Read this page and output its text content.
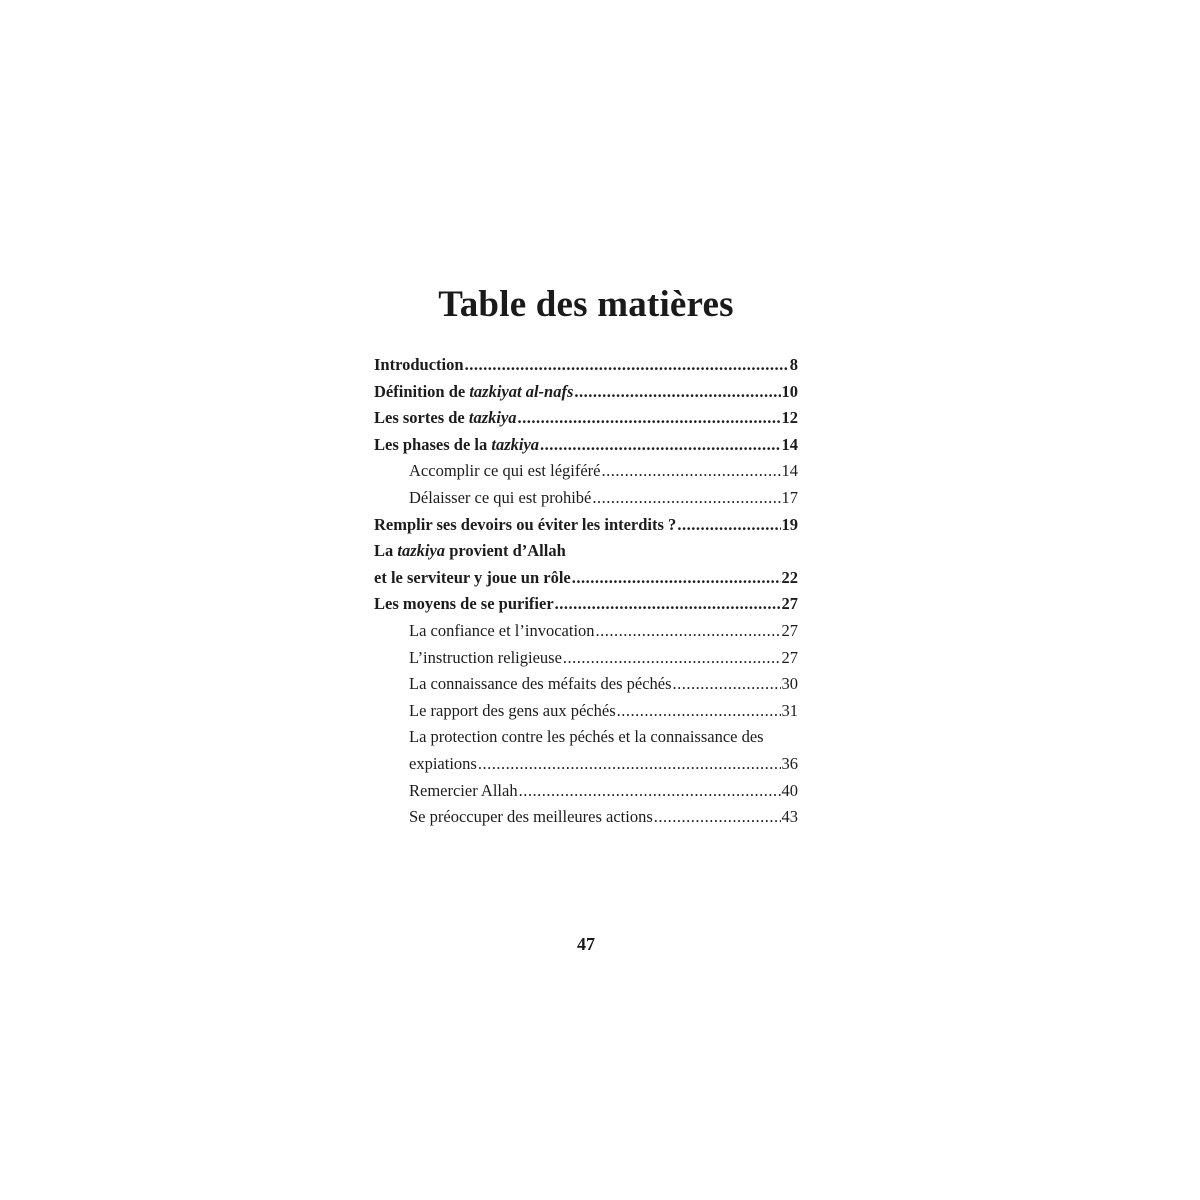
Table des matières
Introduction .....	8
Définition de tazkiyat al-nafs .....	10
Les sortes de tazkiya .....	12
Les phases de la tazkiya .....	14
Accomplir ce qui est légiféré .....	14
Délaisser ce qui est prohibé .....	17
Remplir ses devoirs ou éviter les interdits ? .....	19
La tazkiya provient d’Allah
et le serviteur y joue un rôle .....	22
Les moyens de se purifier .....	27
La confiance et l’invocation .....	27
L’instruction religieuse .....	27
La connaissance des méfaits des péchés .....	30
Le rapport des gens aux péchés .....	31
La protection contre les péchés et la connaissance des
expiations .....	36
Remercier Allah .....	40
Se préoccuper des meilleures actions .....	43
47
